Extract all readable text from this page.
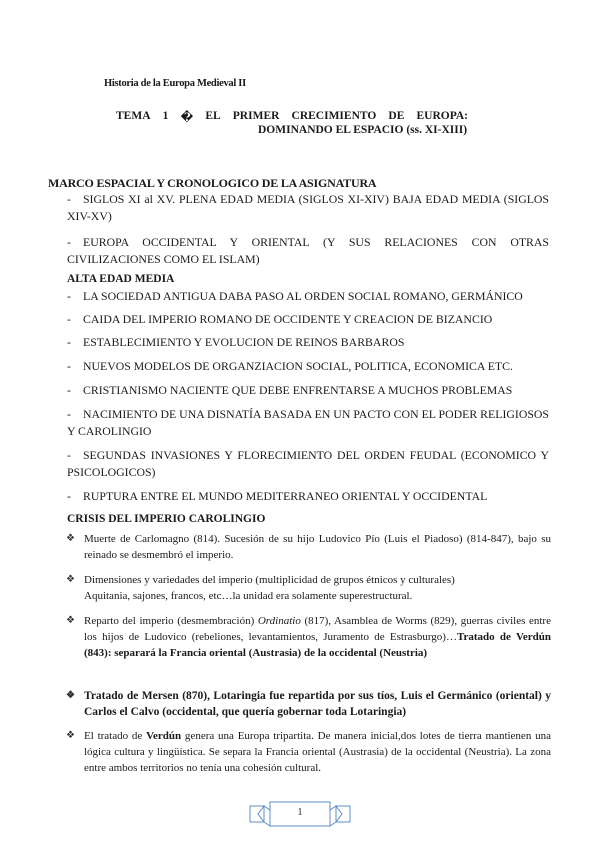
Historia de la Europa Medieval II
TEMA 1 � EL PRIMER CRECIMIENTO DE EUROPA:
DOMINANDO EL ESPACIO (ss. XI-XIII)
MARCO ESPACIAL Y CRONOLOGICO DE LA ASIGNATURA
- SIGLOS XI al XV. PLENA EDAD MEDIA (SIGLOS XI-XIV) BAJA EDAD MEDIA (SIGLOS XIV-XV)
- EUROPA OCCIDENTAL Y ORIENTAL (Y SUS RELACIONES CON OTRAS CIVILIZACIONES COMO EL ISLAM)
ALTA EDAD MEDIA
- LA SOCIEDAD ANTIGUA DABA PASO AL ORDEN SOCIAL ROMANO, GERMÁNICO
- CAIDA DEL IMPERIO ROMANO DE OCCIDENTE Y CREACION DE BIZANCIO
- ESTABLECIMIENTO Y EVOLUCION DE REINOS BARBAROS
- NUEVOS MODELOS DE ORGANZIACION SOCIAL, POLITICA, ECONOMICA ETC.
- CRISTIANISMO NACIENTE QUE DEBE ENFRENTARSE A MUCHOS PROBLEMAS
- NACIMIENTO DE UNA DISNATÍA BASADA EN UN PACTO CON EL PODER RELIGIOSOS Y CAROLINGIO
- SEGUNDAS INVASIONES Y FLORECIMIENTO DEL ORDEN FEUDAL (ECONOMICO Y PSICOLOGICOS)
- RUPTURA ENTRE EL MUNDO MEDITERRANEO ORIENTAL Y OCCIDENTAL
CRISIS DEL IMPERIO CAROLINGIO
❖ Muerte de Carlomagno (814). Sucesión de su hijo Ludovico Pío (Luis el Piadoso) (814-847), bajo su reinado se desmembró el imperio.
❖ Dimensiones y variedades del imperio (multiplicidad de grupos étnicos y culturales)
Aquitania, sajones, francos, etc…la unidad era solamente superestructural.
❖ Reparto del imperio (desmembración) Ordinatio (817), Asamblea de Worms (829), guerras civiles entre los hijos de Ludovico (rebeliones, levantamientos, Juramento de Estrasburgo)…Tratado de Verdún (843): separará la Francia oriental (Austrasia) de la occidental (Neustria)
❖ Tratado de Mersen (870), Lotaringia fue repartida por sus tíos, Luis el Germánico (oriental) y Carlos el Calvo (occidental, que quería gobernar toda Lotaringia)
❖ El tratado de Verdún genera una Europa tripartita. De manera inicial,dos lotes de tierra mantienen una lógica cultura y lingüística. Se separa la Francia oriental (Austrasia) de la occidental (Neustria). La zona entre ambos territorios no tenía una cohesión cultural.
1
